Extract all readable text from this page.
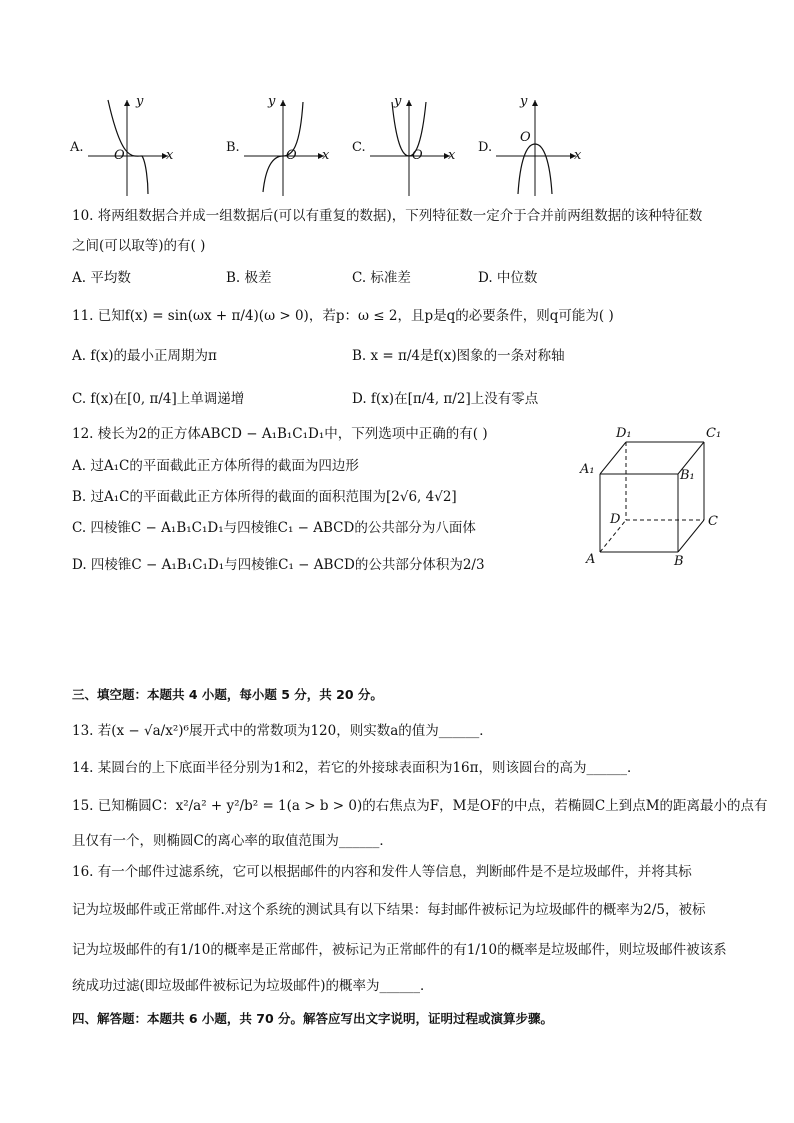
A.
y
x
O
B.
y
x
O
C.
y
x
O
D.
y
x
O
10. 将两组数据合并成一组数据后(可以有重复的数据)，下列特征数一定介于合并前两组数据的该种特征数
之间(可以取等)的有( )
A. 平均数	B. 极差	C. 标准差	D. 中位数
11. 已知f(x) = sin(ωx + π/4)(ω > 0)，若p：ω ≤ 2，且p是q的必要条件，则q可能为( )
A. f(x)的最小正周期为π	B. x = π/4是f(x)图象的一条对称轴
C. f(x)在[0, π/4]上单调递增	D. f(x)在[π/4, π/2]上没有零点
12. 棱长为2的正方体ABCD − A₁B₁C₁D₁中，下列选项中正确的有( )
A. 过A₁C的平面截此正方体所得的截面为四边形
B. 过A₁C的平面截此正方体所得的截面的面积范围为[2√6, 4√2]
C. 四棱锥C − A₁B₁C₁D₁与四棱锥C₁ − ABCD的公共部分为八面体
D. 四棱锥C − A₁B₁C₁D₁与四棱锥C₁ − ABCD的公共部分体积为2/3
D₁	C₁
A₁	B₁
D	C
A	B
三、填空题：本题共 4 小题，每小题 5 分，共 20 分。
13. 若(x − √a/x²)⁶展开式中的常数项为120，则实数a的值为______．
14. 某圆台的上下底面半径分别为1和2，若它的外接球表面积为16π，则该圆台的高为______．
15. 已知椭圆C：x²/a² + y²/b² = 1(a > b > 0)的右焦点为F，M是OF的中点，若椭圆C上到点M的距离最小的点有
且仅有一个，则椭圆C的离心率的取值范围为______．
16. 有一个邮件过滤系统，它可以根据邮件的内容和发件人等信息，判断邮件是不是垃圾邮件，并将其标
记为垃圾邮件或正常邮件.对这个系统的测试具有以下结果：每封邮件被标记为垃圾邮件的概率为2/5，被标
记为垃圾邮件的有1/10的概率是正常邮件，被标记为正常邮件的有1/10的概率是垃圾邮件，则垃圾邮件被该系
统成功过滤(即垃圾邮件被标记为垃圾邮件)的概率为______．
四、解答题：本题共 6 小题，共 70 分。解答应写出文字说明，证明过程或演算步骤。
